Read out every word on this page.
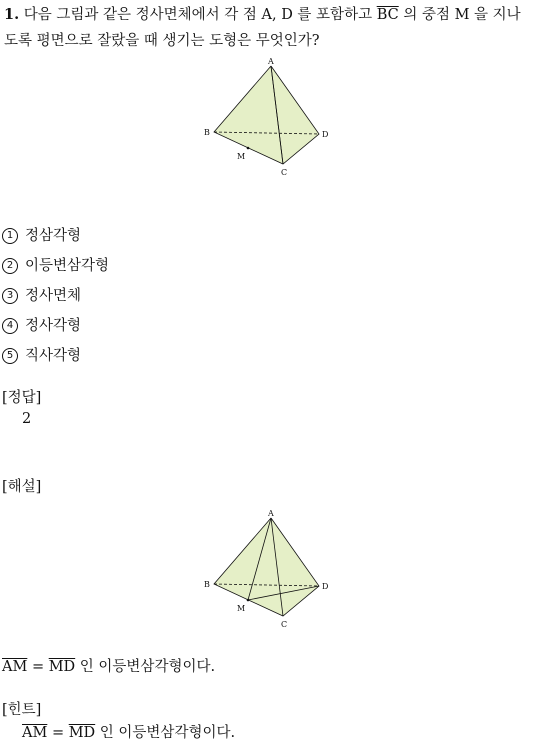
1. 다음 그림과 같은 정사면체에서 각 점 A, D 를 포함하고 $\overline{BC}$ 의 중점 M 을 지나도록 평면으로 잘랐을 때 생기는 도형은 무엇인가?
A
B
C
D
M
1 정삼각형
2 이등변삼각형
3 정사면체
4 정사각형
5 직사각형
[정답]
2
[해설]
A
B
C
D
M
$\overline{AM} = \overline{MD}$ 인 이등변삼각형이다.
[힌트]
$\overline{AM} = \overline{MD}$ 인 이등변삼각형이다.
